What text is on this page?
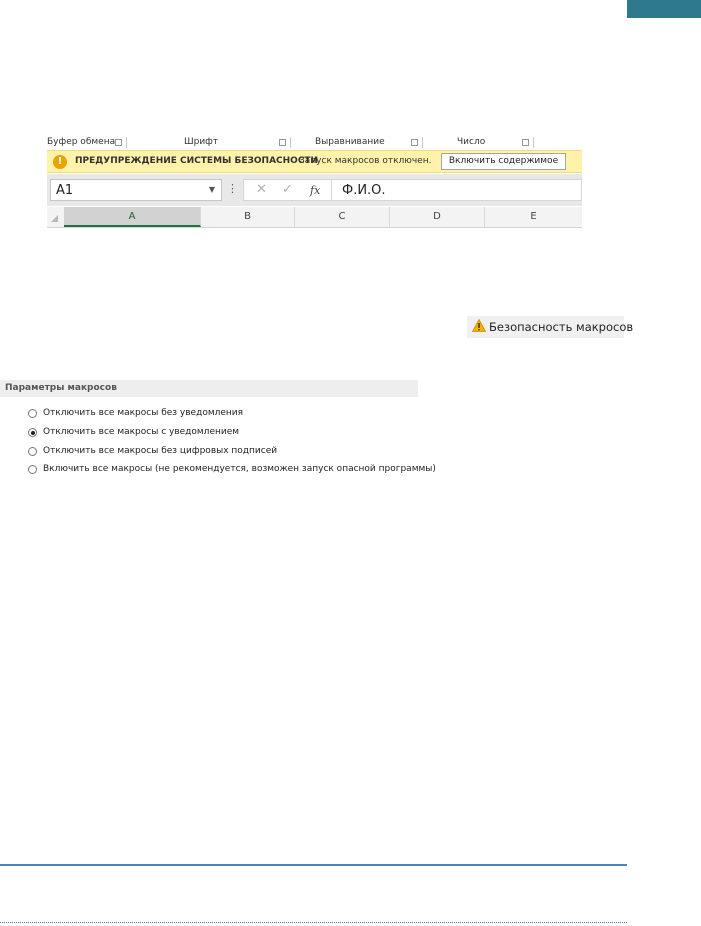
Буфер обмена	Шрифт	Выравнивание	Число
!	ПРЕДУПРЕЖДЕНИЕ СИСТЕМЫ БЕЗОПАСНОСТИ
Запуск макросов отключен.	Включить содержимое
A1	▼ ⋮ ✕ ✓ fx Ф.И.О.
A	B	C	D	E
Безопасность макросов
Параметры макросов
Отключить все макросы без уведомления
Отключить все макросы с уведомлением
Отключить все макросы без цифровых подписей
Включить все макросы (не рекомендуется, возможен запуск опасной программы)
